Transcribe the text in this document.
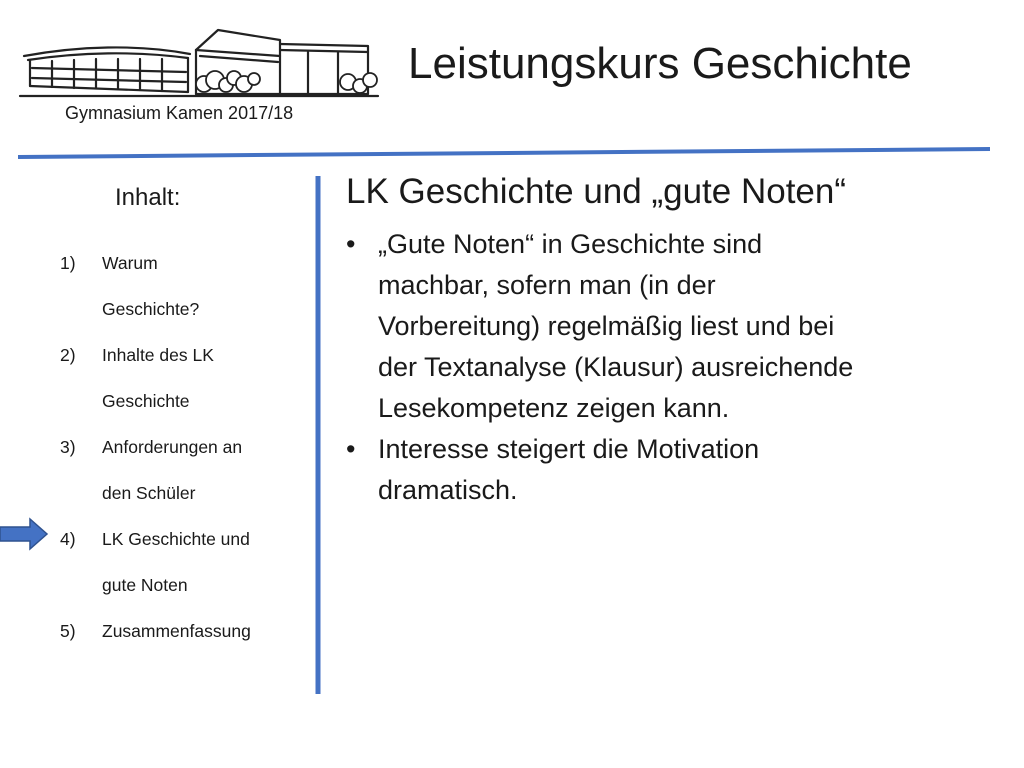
Leistungskurs Geschichte
Gymnasium Kamen 2017/18
Inhalt:
1) Warum
Geschichte?
2) Inhalte des LK
Geschichte
3) Anforderungen an
den Schüler
4) LK Geschichte und
gute Noten
5) Zusammenfassung
LK Geschichte und „gute Noten“
• „Gute Noten“ in Geschichte sind
machbar, sofern man (in der
Vorbereitung) regelmäßig liest und bei
der Textanalyse (Klausur) ausreichende
Lesekompetenz zeigen kann.
• Interesse steigert die Motivation
dramatisch.
